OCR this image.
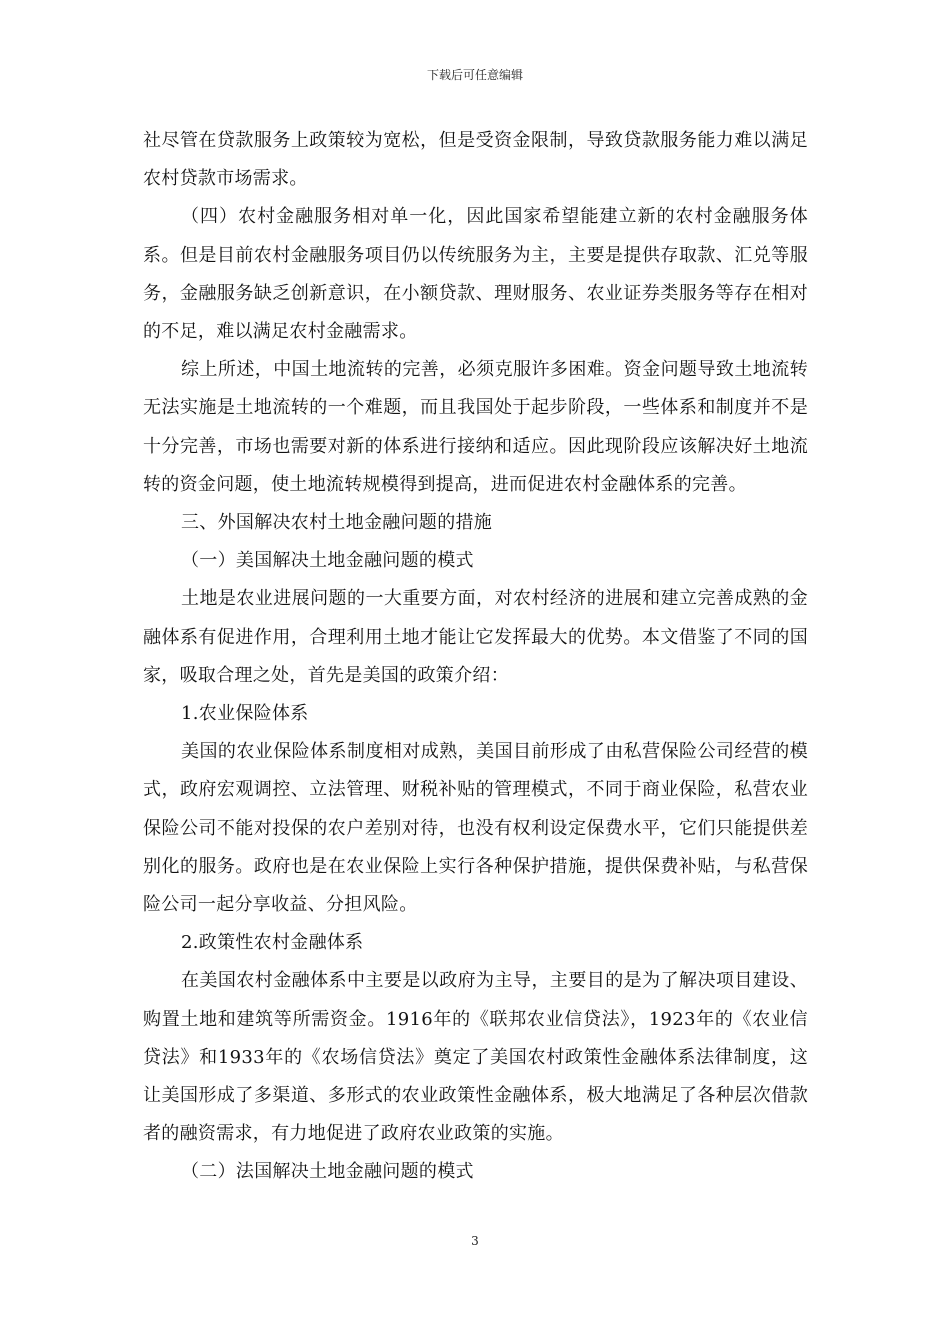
下载后可任意编辑

社尽管在贷款服务上政策较为宽松，但是受资金限制，导致贷款服务能力难以满足农村贷款市场需求。

（四）农村金融服务相对单一化，因此国家希望能建立新的农村金融服务体系。但是目前农村金融服务项目仍以传统服务为主，主要是提供存取款、汇兑等服务，金融服务缺乏创新意识，在小额贷款、理财服务、农业证券类服务等存在相对的不足，难以满足农村金融需求。

综上所述，中国土地流转的完善，必须克服许多困难。资金问题导致土地流转无法实施是土地流转的一个难题，而且我国处于起步阶段，一些体系和制度并不是十分完善，市场也需要对新的体系进行接纳和适应。因此现阶段应该解决好土地流转的资金问题，使土地流转规模得到提高，进而促进农村金融体系的完善。

三、外国解决农村土地金融问题的措施

（一）美国解决土地金融问题的模式

土地是农业进展问题的一大重要方面，对农村经济的进展和建立完善成熟的金融体系有促进作用，合理利用土地才能让它发挥最大的优势。本文借鉴了不同的国家，吸取合理之处，首先是美国的政策介绍：

1.农业保险体系

美国的农业保险体系制度相对成熟，美国目前形成了由私营保险公司经营的模式，政府宏观调控、立法管理、财税补贴的管理模式，不同于商业保险，私营农业保险公司不能对投保的农户差别对待，也没有权利设定保费水平，它们只能提供差别化的服务。政府也是在农业保险上实行各种保护措施，提供保费补贴，与私营保险公司一起分享收益、分担风险。

2.政策性农村金融体系

在美国农村金融体系中主要是以政府为主导，主要目的是为了解决项目建设、购置土地和建筑等所需资金。1916年的《联邦农业信贷法》，1923年的《农业信贷法》和1933年的《农场信贷法》奠定了美国农村政策性金融体系法律制度，这让美国形成了多渠道、多形式的农业政策性金融体系，极大地满足了各种层次借款者的融资需求，有力地促进了政府农业政策的实施。

（二）法国解决土地金融问题的模式

3
